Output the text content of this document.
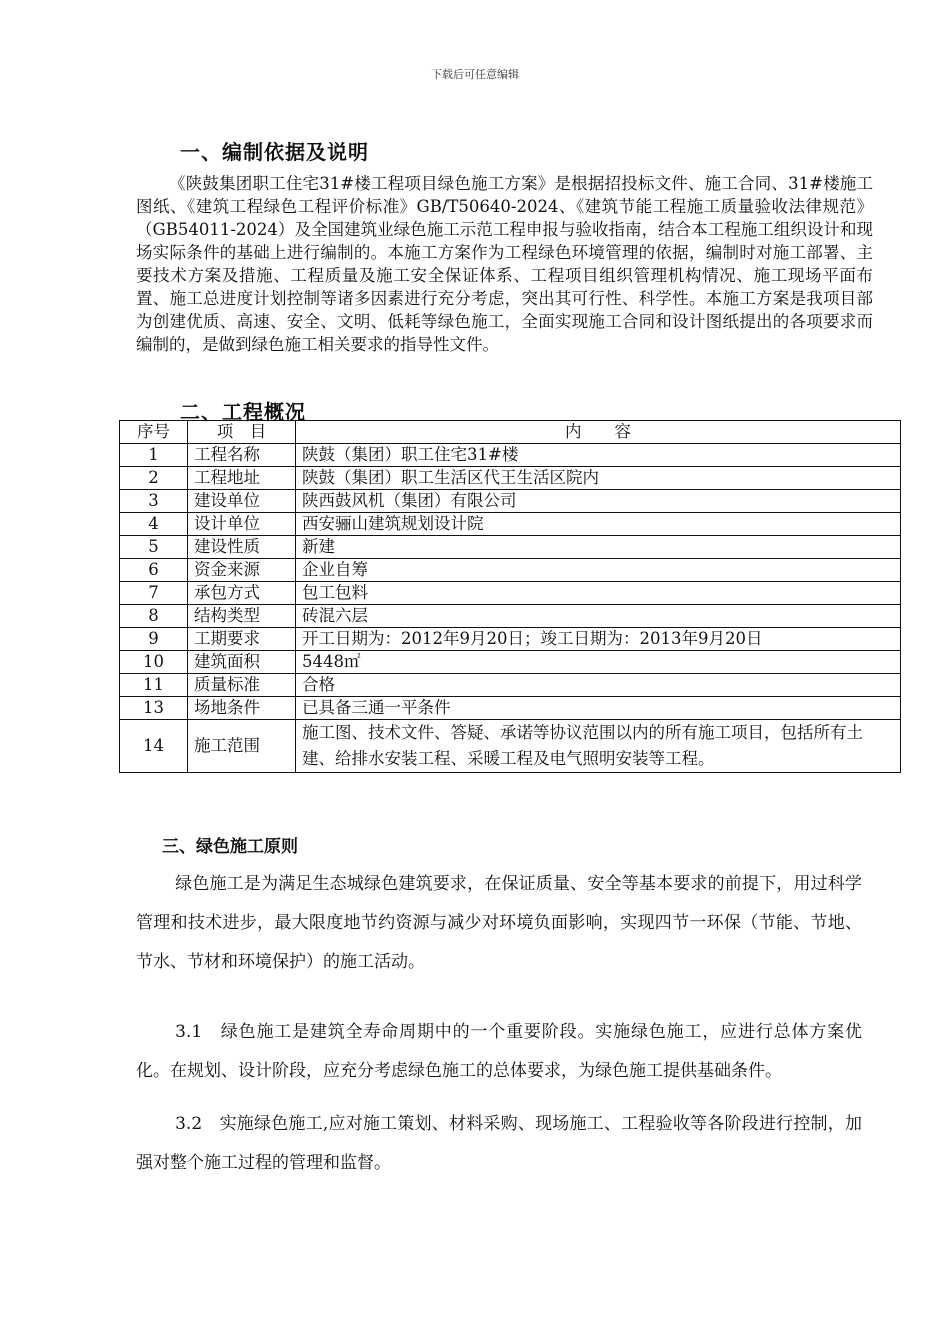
下载后可任意编辑
一、编制依据及说明
《陕鼓集团职工住宅31#楼工程项目绿色施工方案》是根据招投标文件、施工合同、31#楼施工图纸、《建筑工程绿色工程评价标准》GB/T50640-2024、《建筑节能工程施工质量验收法律规范》（GB54011-2024）及全国建筑业绿色施工示范工程申报与验收指南，结合本工程施工组织设计和现场实际条件的基础上进行编制的。本施工方案作为工程绿色环境管理的依据，编制时对施工部署、主要技术方案及措施、工程质量及施工安全保证体系、工程项目组织管理机构情况、施工现场平面布置、施工总进度计划控制等诸多因素进行充分考虑，突出其可行性、科学性。本施工方案是我项目部为创建优质、高速、安全、文明、低耗等绿色施工，全面实现施工合同和设计图纸提出的各项要求而编制的，是做到绿色施工相关要求的指导性文件。
二、工程概况
序号	项　目	内　　容
1	工程名称	陕鼓（集团）职工住宅31#楼
2	工程地址	陕鼓（集团）职工生活区代王生活区院内
3	建设单位	陕西鼓风机（集团）有限公司
4	设计单位	西安骊山建筑规划设计院
5	建设性质	新建
6	资金来源	企业自筹
7	承包方式	包工包料
8	结构类型	砖混六层
9	工期要求	开工日期为：2012年9月20日；竣工日期为：2013年9月20日
10	建筑面积	5448㎡
11	质量标准	合格
13	场地条件	已具备三通一平条件
14	施工范围	施工图、技术文件、答疑、承诺等协议范围以内的所有施工项目，包括所有土建、给排水安装工程、采暖工程及电气照明安装等工程。
三、绿色施工原则
绿色施工是为满足生态城绿色建筑要求，在保证质量、安全等基本要求的前提下，用过科学管理和技术进步，最大限度地节约资源与减少对环境负面影响，实现四节一环保（节能、节地、节水、节材和环境保护）的施工活动。
3.1　绿色施工是建筑全寿命周期中的一个重要阶段。实施绿色施工，应进行总体方案优化。在规划、设计阶段，应充分考虑绿色施工的总体要求，为绿色施工提供基础条件。
3.2　实施绿色施工,应对施工策划、材料采购、现场施工、工程验收等各阶段进行控制，加强对整个施工过程的管理和监督。
